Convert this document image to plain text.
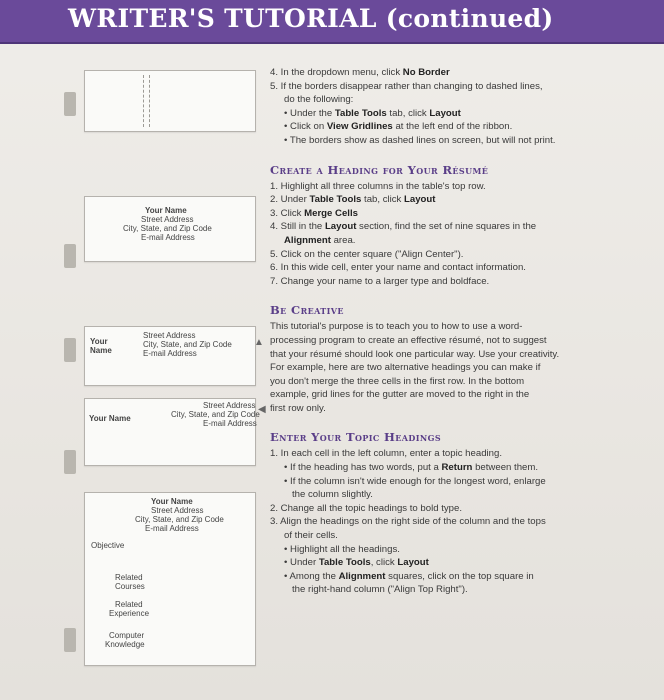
WRITER'S TUTORIAL (continued)
Your Name
Street Address
City, State, and Zip Code
E-mail Address
Your
Name
Street Address
City, State, and Zip Code
E-mail Address
▲
Your Name
Street Address
City, State, and Zip Code
E-mail Address
◀
Your Name
Street Address
City, State, and Zip Code
E-mail Address
Objective
Related
Courses
Related
Experience
Computer
Knowledge
4. In the dropdown menu, click No Border
5. If the borders disappear rather than changing to dashed lines,
do the following:
• Under the Table Tools tab, click Layout
• Click on View Gridlines at the left end of the ribbon.
• The borders show as dashed lines on screen, but will not print.
Create a Heading for Your Résumé
1. Highlight all three columns in the table's top row.
2. Under Table Tools tab, click Layout
3. Click Merge Cells
4. Still in the Layout section, find the set of nine squares in the
Alignment area.
5. Click on the center square ("Align Center").
6. In this wide cell, enter your name and contact information.
7. Change your name to a larger type and boldface.
Be Creative
This tutorial's purpose is to teach you to how to use a word-
processing program to create an effective résumé, not to suggest
that your résumé should look one particular way. Use your creativity.
For example, here are two alternative headings you can make if
you don't merge the three cells in the first row. In the bottom
example, grid lines for the gutter are moved to the right in the
first row only.
Enter Your Topic Headings
1. In each cell in the left column, enter a topic heading.
• If the heading has two words, put a Return between them.
• If the column isn't wide enough for the longest word, enlarge
the column slightly.
2. Change all the topic headings to bold type.
3. Align the headings on the right side of the column and the tops
of their cells.
• Highlight all the headings.
• Under Table Tools, click Layout
• Among the Alignment squares, click on the top square in
the right-hand column ("Align Top Right").
